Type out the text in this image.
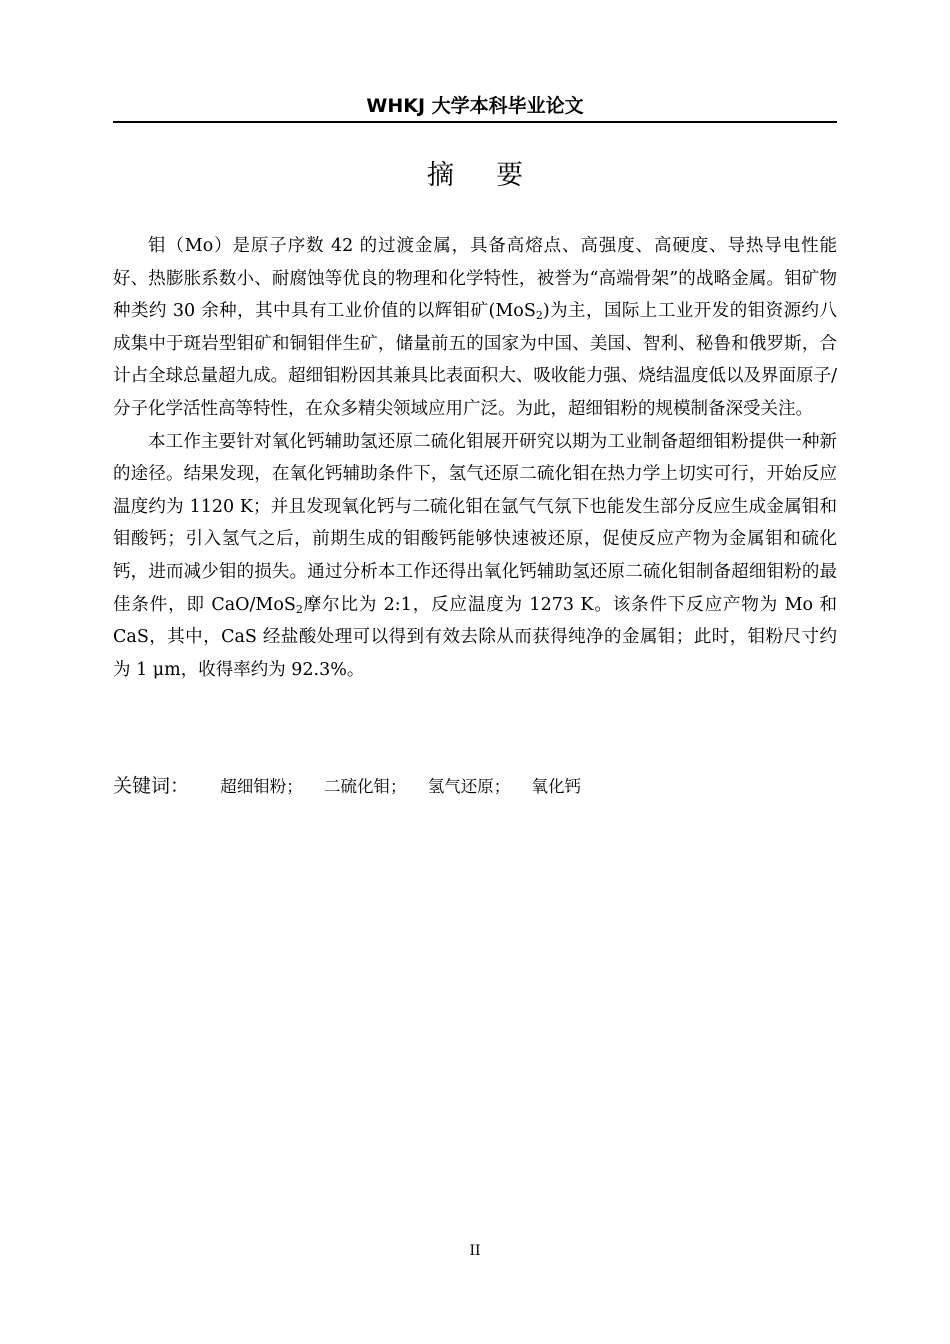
WHKJ 大学本科毕业论文
摘要

钼（Mo）是原子序数 42 的过渡金属，具备高熔点、高强度、高硬度、导热导电性能好、热膨胀系数小、耐腐蚀等优良的物理和化学特性，被誉为“高端骨架”的战略金属。钼矿物种类约 30 余种，其中具有工业价值的以辉钼矿(MoS$_2$)为主，国际上工业开发的钼资源约八成集中于斑岩型钼矿和铜钼伴生矿，储量前五的国家为中国、美国、智利、秘鲁和俄罗斯，合计占全球总量超九成。超细钼粉因其兼具比表面积大、吸收能力强、烧结温度低以及界面原子/分子化学活性高等特性，在众多精尖领域应用广泛。为此，超细钼粉的规模制备深受关注。

本工作主要针对氧化钙辅助氢还原二硫化钼展开研究以期为工业制备超细钼粉提供一种新的途径。结果发现，在氧化钙辅助条件下，氢气还原二硫化钼在热力学上切实可行，开始反应温度约为 1120 K；并且发现氧化钙与二硫化钼在氩气气氛下也能发生部分反应生成金属钼和钼酸钙；引入氢气之后，前期生成的钼酸钙能够快速被还原，促使反应产物为金属钼和硫化钙，进而减少钼的损失。通过分析本工作还得出氧化钙辅助氢还原二硫化钼制备超细钼粉的最佳条件，即 CaO/MoS$_2$摩尔比为 2:1，反应温度为 1273 K。该条件下反应产物为 Mo 和 CaS，其中，CaS 经盐酸处理可以得到有效去除从而获得纯净的金属钼；此时，钼粉尺寸约为 1 μm，收得率约为 92.3%。

关键词： 超细钼粉； 二硫化钼； 氢气还原； 氧化钙
II
